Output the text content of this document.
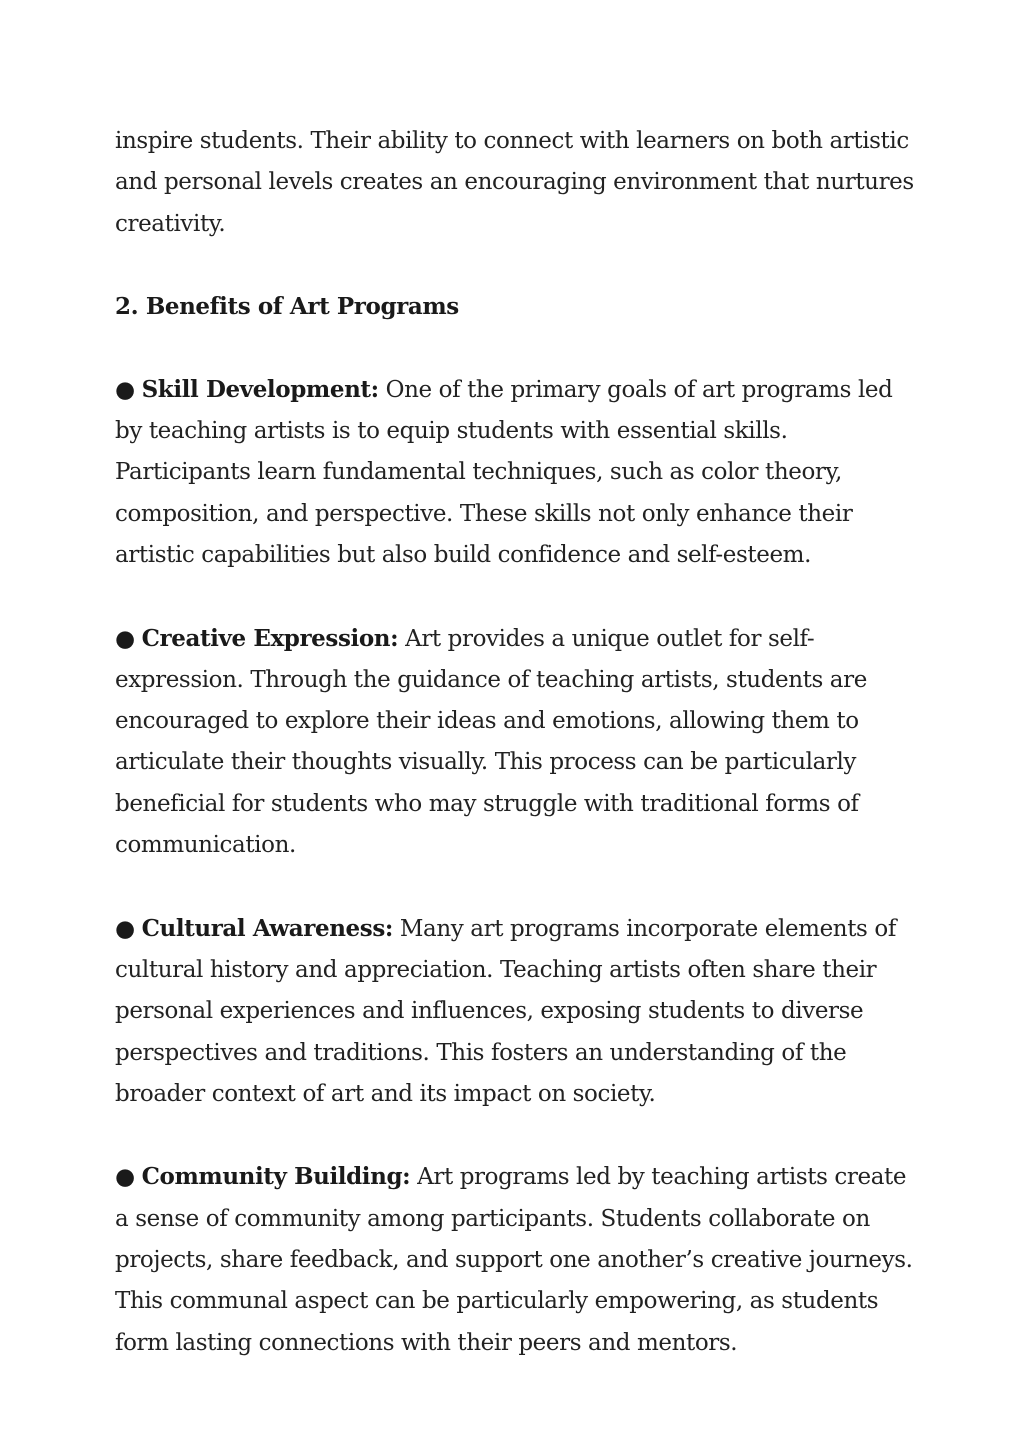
inspire students. Their ability to connect with learners on both artistic and personal levels creates an encouraging environment that nurtures creativity.

2. Benefits of Art Programs

● Skill Development: One of the primary goals of art programs led by teaching artists is to equip students with essential skills. Participants learn fundamental techniques, such as color theory, composition, and perspective. These skills not only enhance their artistic capabilities but also build confidence and self-esteem.

● Creative Expression: Art provides a unique outlet for self-expression. Through the guidance of teaching artists, students are encouraged to explore their ideas and emotions, allowing them to articulate their thoughts visually. This process can be particularly beneficial for students who may struggle with traditional forms of communication.

● Cultural Awareness: Many art programs incorporate elements of cultural history and appreciation. Teaching artists often share their personal experiences and influences, exposing students to diverse perspectives and traditions. This fosters an understanding of the broader context of art and its impact on society.

● Community Building: Art programs led by teaching artists create a sense of community among participants. Students collaborate on projects, share feedback, and support one another’s creative journeys. This communal aspect can be particularly empowering, as students form lasting connections with their peers and mentors.
